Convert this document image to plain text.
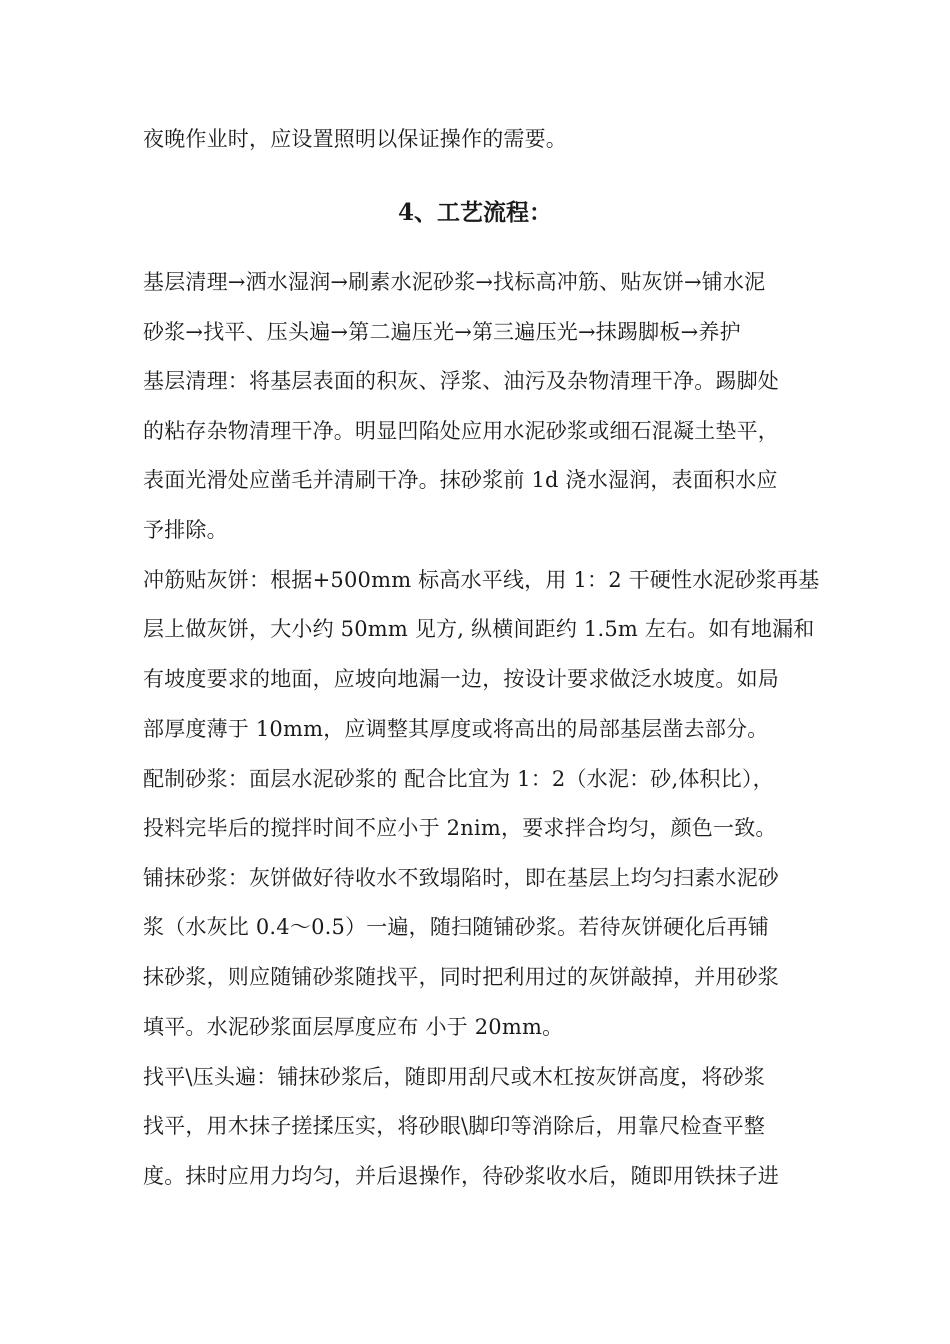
夜晚作业时，应设置照明以保证操作的需要。
4、工艺流程：
基层清理→洒水湿润→刷素水泥砂浆→找标高冲筋、贴灰饼→铺水泥
砂浆→找平、压头遍→第二遍压光→第三遍压光→抹踢脚板→养护
基层清理：将基层表面的积灰、浮浆、油污及杂物清理干净。踢脚处
的粘存杂物清理干净。明显凹陷处应用水泥砂浆或细石混凝土垫平，
表面光滑处应凿毛并清刷干净。抹砂浆前 1d 浇水湿润，表面积水应
予排除。
冲筋贴灰饼：根据+500mm 标高水平线，用 1：2 干硬性水泥砂浆再基
层上做灰饼，大小约 50mm 见方, 纵横间距约 1.5m 左右。如有地漏和
有坡度要求的地面，应坡向地漏一边，按设计要求做泛水坡度。如局
部厚度薄于 10mm，应调整其厚度或将高出的局部基层凿去部分。
配制砂浆：面层水泥砂浆的 配合比宜为 1：2（水泥：砂,体积比），
投料完毕后的搅拌时间不应小于 2nim，要求拌合均匀，颜色一致。
铺抹砂浆：灰饼做好待收水不致塌陷时，即在基层上均匀扫素水泥砂
浆（水灰比 0.4～0.5）一遍，随扫随铺砂浆。若待灰饼硬化后再铺
抹砂浆，则应随铺砂浆随找平，同时把利用过的灰饼敲掉，并用砂浆
填平。水泥砂浆面层厚度应布 小于 20mm。
找平\压头遍：铺抹砂浆后，随即用刮尺或木杠按灰饼高度，将砂浆
找平，用木抹子搓揉压实，将砂眼\脚印等消除后，用靠尺检查平整
度。抹时应用力均匀，并后退操作，待砂浆收水后，随即用铁抹子进
